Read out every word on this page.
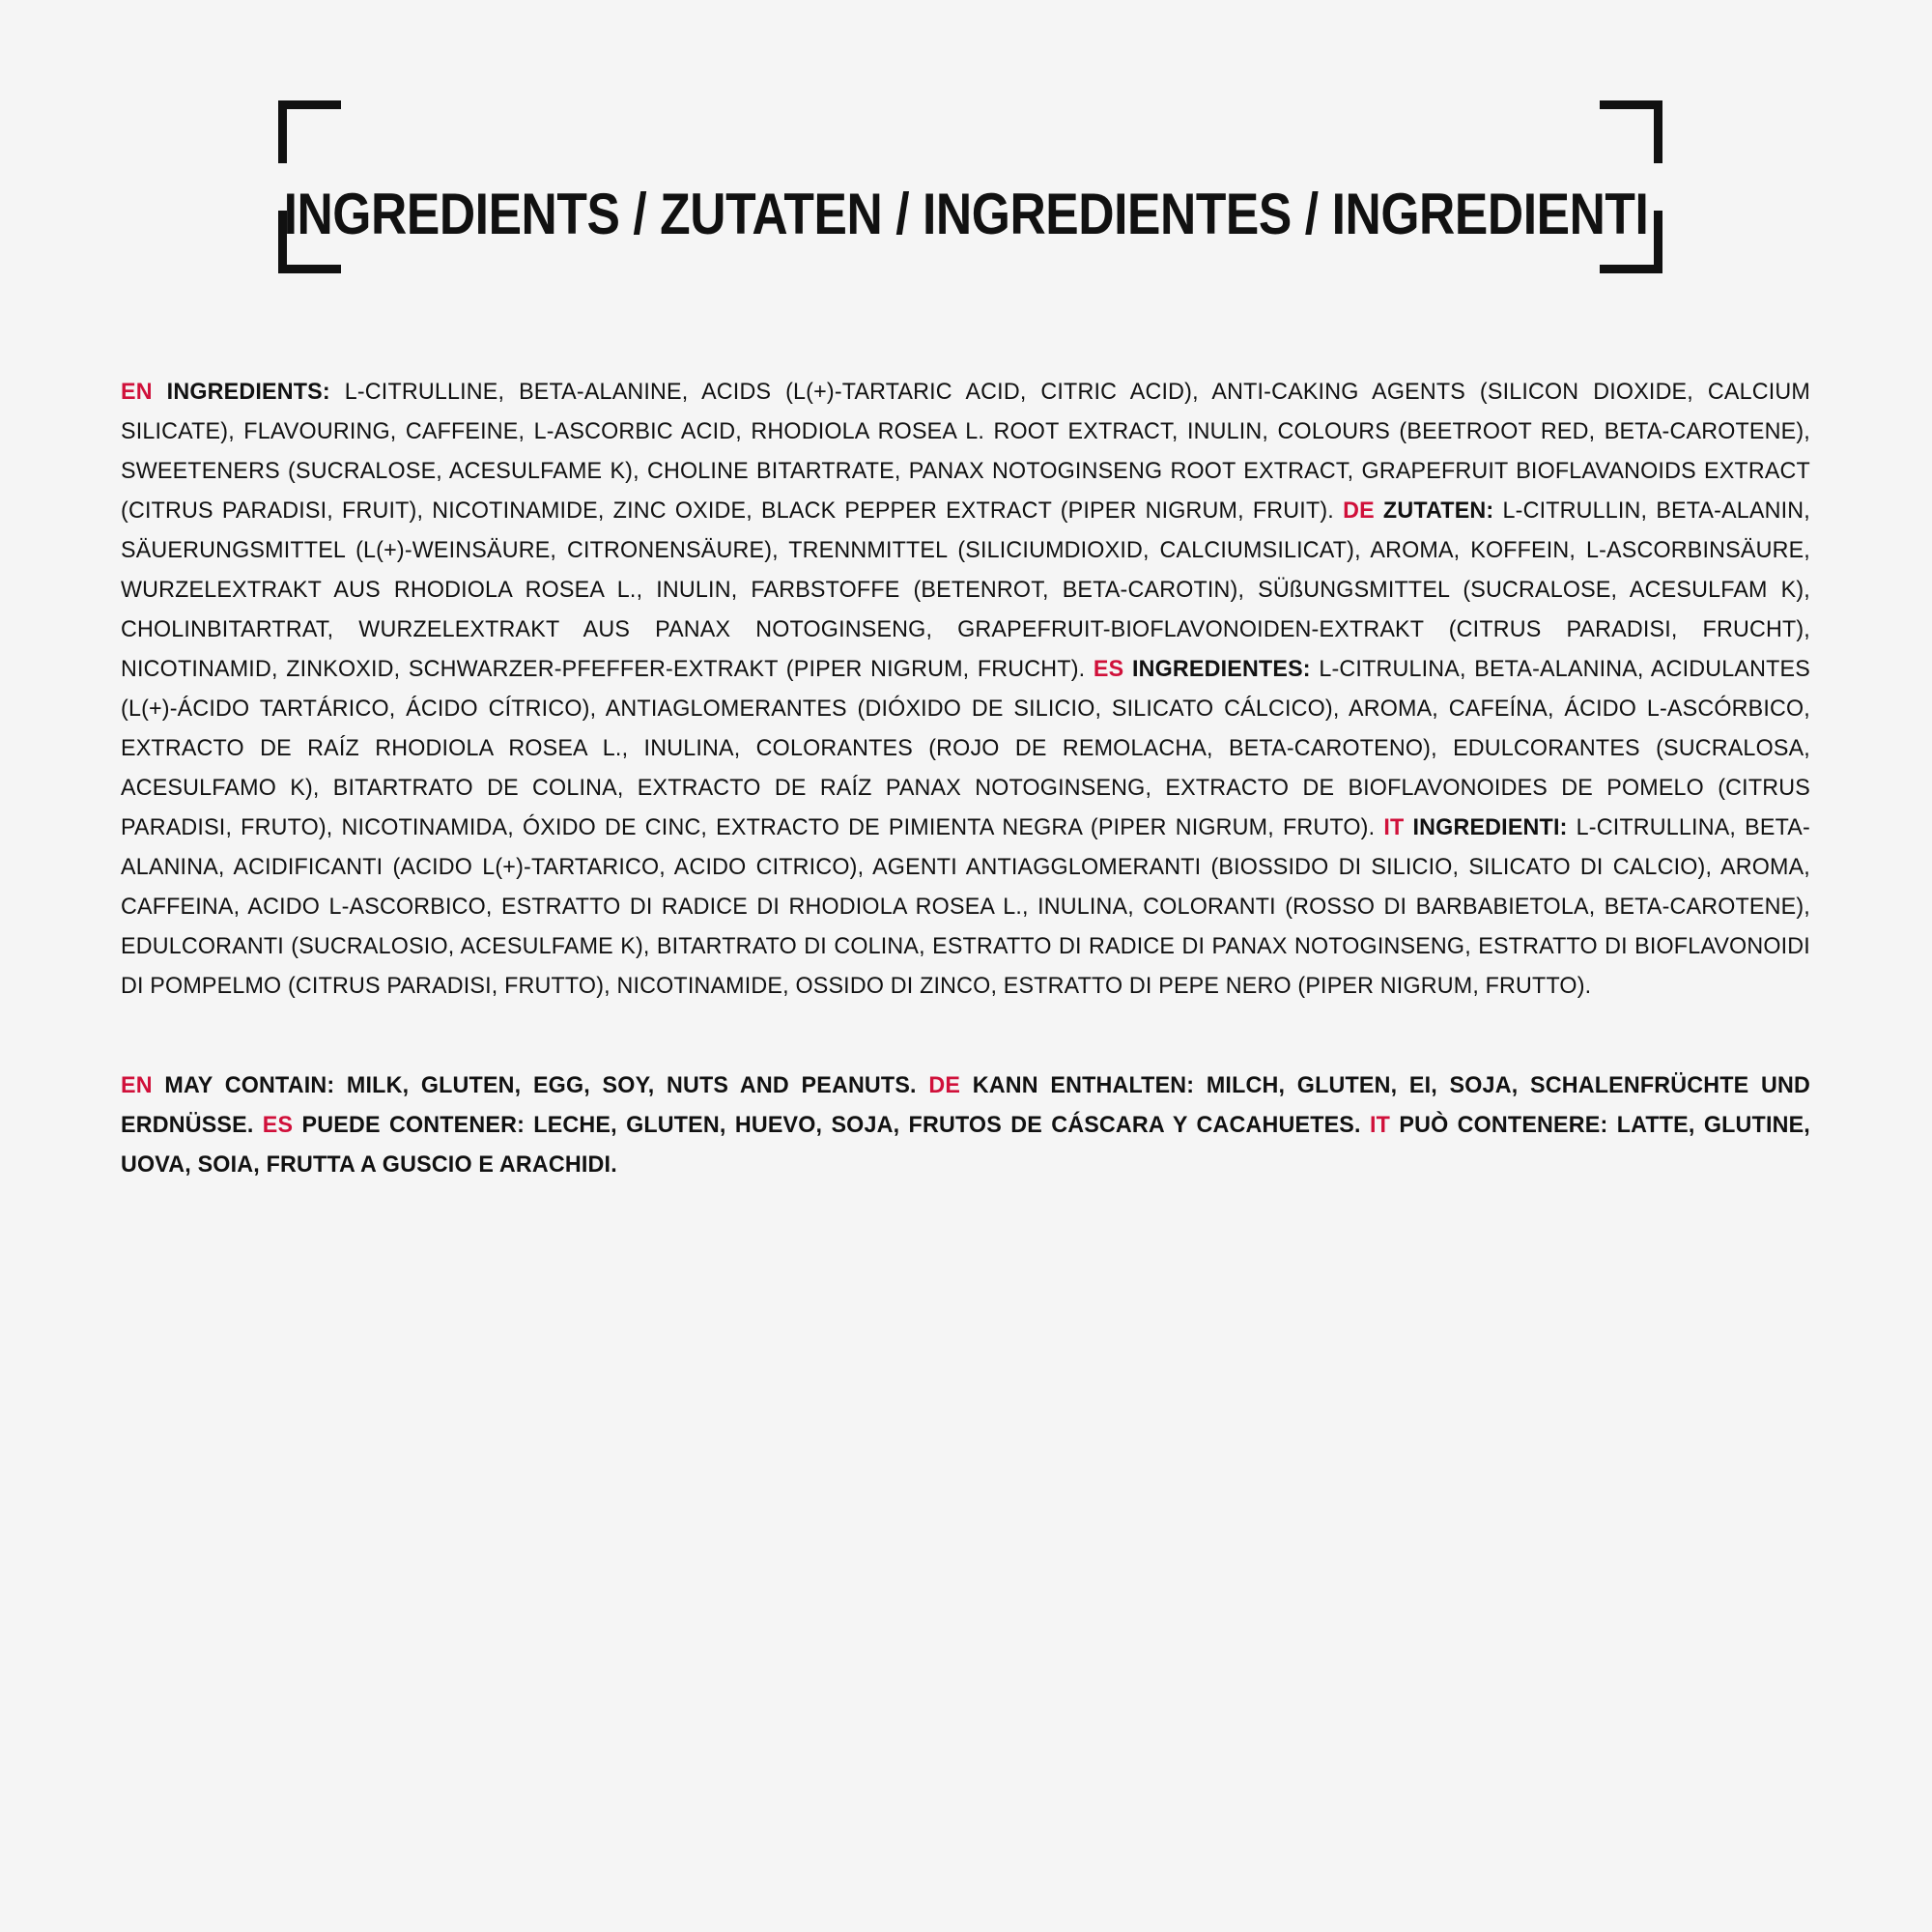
INGREDIENTS / ZUTATEN / INGREDIENTES / INGREDIENTI

EN INGREDIENTS: L-CITRULLINE, BETA-ALANINE, ACIDS (L(+)-TARTARIC ACID, CITRIC ACID), ANTI-CAKING AGENTS (SILICON DIOXIDE, CALCIUM SILICATE), FLAVOURING, CAFFEINE, L-ASCORBIC ACID, RHODIOLA ROSEA L. ROOT EXTRACT, INULIN, COLOURS (BEETROOT RED, BETA-CAROTENE), SWEETENERS (SUCRALOSE, ACESULFAME K), CHOLINE BITARTRATE, PANAX NOTOGINSENG ROOT EXTRACT, GRAPEFRUIT BIOFLAVANOIDS EXTRACT (CITRUS PARADISI, FRUIT), NICOTINAMIDE, ZINC OXIDE, BLACK PEPPER EXTRACT (PIPER NIGRUM, FRUIT). DE ZUTATEN: L-CITRULLIN, BETA-ALANIN, SÄUERUNGSMITTEL (L(+)-WEINSÄURE, CITRONENSÄURE), TRENNMITTEL (SILICIUMDIOXID, CALCIUMSILICAT), AROMA, KOFFEIN, L-ASCORBINSÄURE, WURZELEXTRAKT AUS RHODIOLA ROSEA L., INULIN, FARBSTOFFE (BETENROT, BETA-CAROTIN), SÜßUNGSMITTEL (SUCRALOSE, ACESULFAM K), CHOLINBITARTRAT, WURZELEXTRAKT AUS PANAX NOTOGINSENG, GRAPEFRUIT-BIOFLAVONOIDEN-EXTRAKT (CITRUS PARADISI, FRUCHT), NICOTINAMID, ZINKOXID, SCHWARZER-PFEFFER-EXTRAKT (PIPER NIGRUM, FRUCHT). ES INGREDIENTES: L-CITRULINA, BETA-ALANINA, ACIDULANTES (L(+)-ÁCIDO TARTÁRICO, ÁCIDO CÍTRICO), ANTIAGLOMERANTES (DIÓXIDO DE SILICIO, SILICATO CÁLCICO), AROMA, CAFEÍNA, ÁCIDO L-ASCÓRBICO, EXTRACTO DE RAÍZ RHODIOLA ROSEA L., INULINA, COLORANTES (ROJO DE REMOLACHA, BETA-CAROTENO), EDULCORANTES (SUCRALOSA, ACESULFAMO K), BITARTRATO DE COLINA, EXTRACTO DE RAÍZ PANAX NOTOGINSENG, EXTRACTO DE BIOFLAVONOIDES DE POMELO (CITRUS PARADISI, FRUTO), NICOTINAMIDA, ÓXIDO DE CINC, EXTRACTO DE PIMIENTA NEGRA (PIPER NIGRUM, FRUTO). IT INGREDIENTI: L-CITRULLINA, BETA-ALANINA, ACIDIFICANTI (ACIDO L(+)-TARTARICO, ACIDO CITRICO), AGENTI ANTIAGGLOMERANTI (BIOSSIDO DI SILICIO, SILICATO DI CALCIO), AROMA, CAFFEINA, ACIDO L-ASCORBICO, ESTRATTO DI RADICE DI RHODIOLA ROSEA L., INULINA, COLORANTI (ROSSO DI BARBABIETOLA, BETA-CAROTENE), EDULCORANTI (SUCRALOSIO, ACESULFAME K), BITARTRATO DI COLINA, ESTRATTO DI RADICE DI PANAX NOTOGINSENG, ESTRATTO DI BIOFLAVONOIDI DI POMPELMO (CITRUS PARADISI, FRUTTO), NICOTINAMIDE, OSSIDO DI ZINCO, ESTRATTO DI PEPE NERO (PIPER NIGRUM, FRUTTO).

EN MAY CONTAIN: MILK, GLUTEN, EGG, SOY, NUTS AND PEANUTS. DE KANN ENTHALTEN: MILCH, GLUTEN, EI, SOJA, SCHALENFRÜCHTE UND ERDNÜSSE. ES PUEDE CONTENER: LECHE, GLUTEN, HUEVO, SOJA, FRUTOS DE CÁSCARA Y CACAHUETES. IT PUÒ CONTENERE: LATTE, GLUTINE, UOVA, SOIA, FRUTTA A GUSCIO E ARACHIDI.
